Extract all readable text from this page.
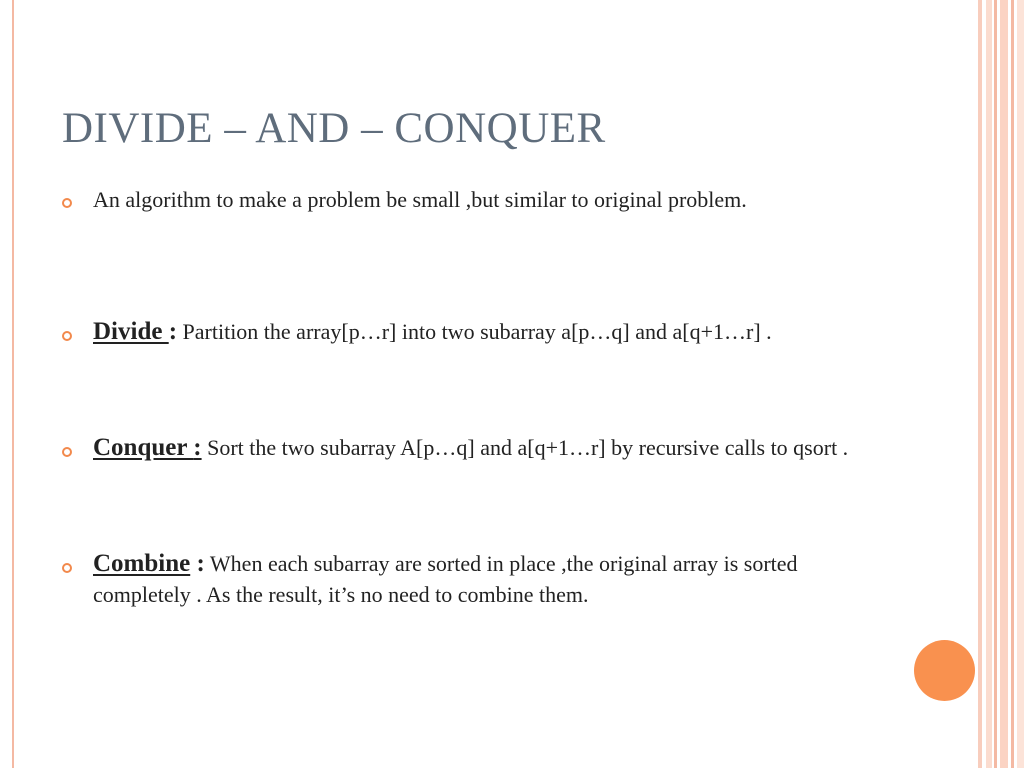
DIVIDE – AND – CONQUER
An algorithm to make a problem be small ,but similar to original problem.
Divide : Partition the array[p…r] into two subarray a[p…q] and a[q+1…r] .
Conquer : Sort the two subarray A[p…q] and a[q+1…r] by recursive calls to qsort .
Combine : When each subarray are sorted in place ,the original array is sorted completely . As the result, it’s no need to combine them.
